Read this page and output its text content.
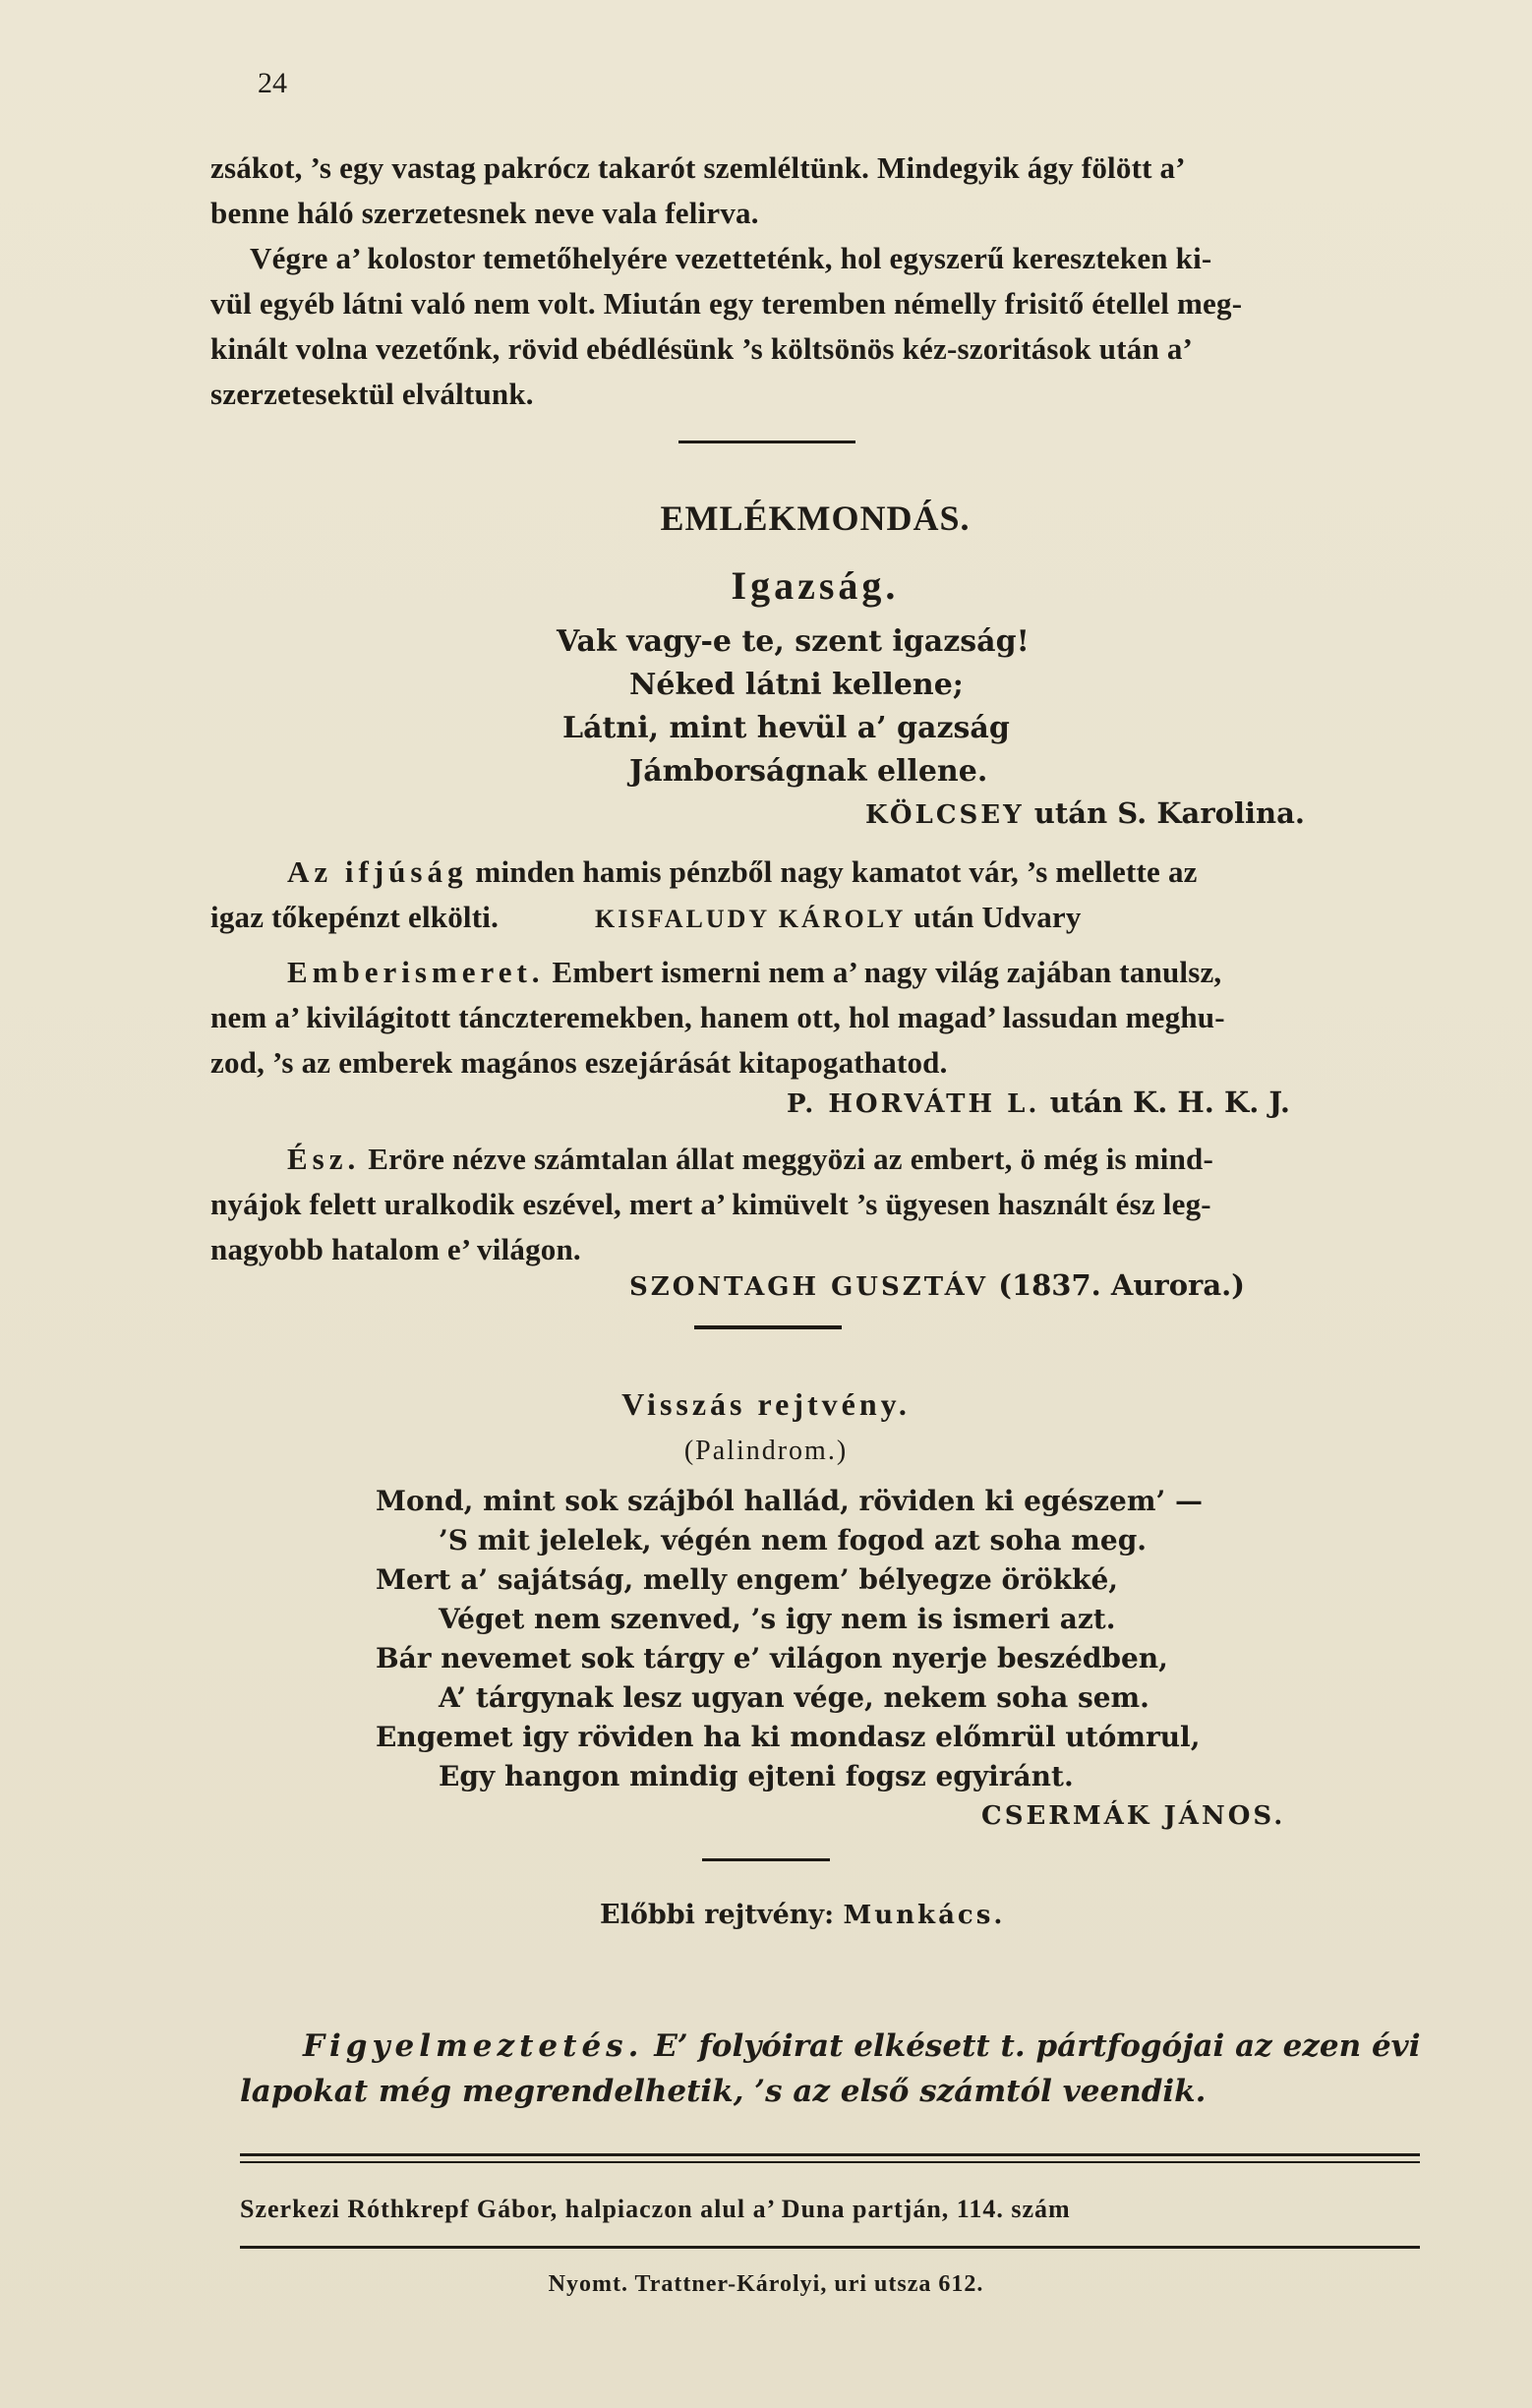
24
zsákot, ’s egy vastag pakrócz takarót szemléltünk. Mindegyik ágy fölött a’
benne háló szerzetesnek neve vala felirva.
Végre a’ kolostor temetőhelyére vezetteténk, hol egyszerű kereszteken ki-
vül egyéb látni való nem volt. Miután egy teremben némelly frisitő étellel meg-
kinált volna vezetőnk, rövid ebédlésünk ’s költsönös kéz-szoritások után a’
szerzetesektül elváltunk.
EMLÉKMONDÁS.
Igazság.
Vak vagy-e te, szent igazság!
Néked látni kellene;
Látni, mint hevül a’ gazság
Jámborságnak ellene.
KÖLCSEY után S. Karolina.
Az ifjúság minden hamis pénzből nagy kamatot vár, ’s mellette az
igaz tőkepénzt elkölti.	KISFALUDY KÁROLY után Udvary
Emberismeret. Embert ismerni nem a’ nagy világ zajában tanulsz,
nem a’ kivilágitott tánczteremekben, hanem ott, hol magad’ lassudan meghu-
zod, ’s az emberek magános eszejárását kitapogathatod.
P. HORVÁTH L. után K. H. K. J.
Ész. Eröre nézve számtalan állat meggyözi az embert, ö még is mind-
nyájok felett uralkodik eszével, mert a’ kimüvelt ’s ügyesen használt ész leg-
nagyobb hatalom e’ világon.
SZONTAGH GUSZTÁV (1837. Aurora.)
Visszás rejtvény.
(Palindrom.)
Mond, mint sok szájból hallád, röviden ki egészem’ —
’S mit jelelek, végén nem fogod azt soha meg.
Mert a’ sajátság, melly engem’ bélyegze örökké,
Véget nem szenved, ’s igy nem is ismeri azt.
Bár nevemet sok tárgy e’ világon nyerje beszédben,
A’ tárgynak lesz ugyan vége, nekem soha sem.
Engemet igy röviden ha ki mondasz előmrül utómrul,
Egy hangon mindig ejteni fogsz egyiránt.
CSERMÁK JÁNOS.
Előbbi rejtvény: Munkács.
Figyelmeztetés. E’ folyóirat elkésett t. pártfogójai az ezen évi
lapokat még megrendelhetik, ’s az első számtól veendik.
Szerkezi Róthkrepf Gábor, halpiaczon alul a’ Duna partján, 114. szám
Nyomt. Trattner-Károlyi, uri utsza 612.
